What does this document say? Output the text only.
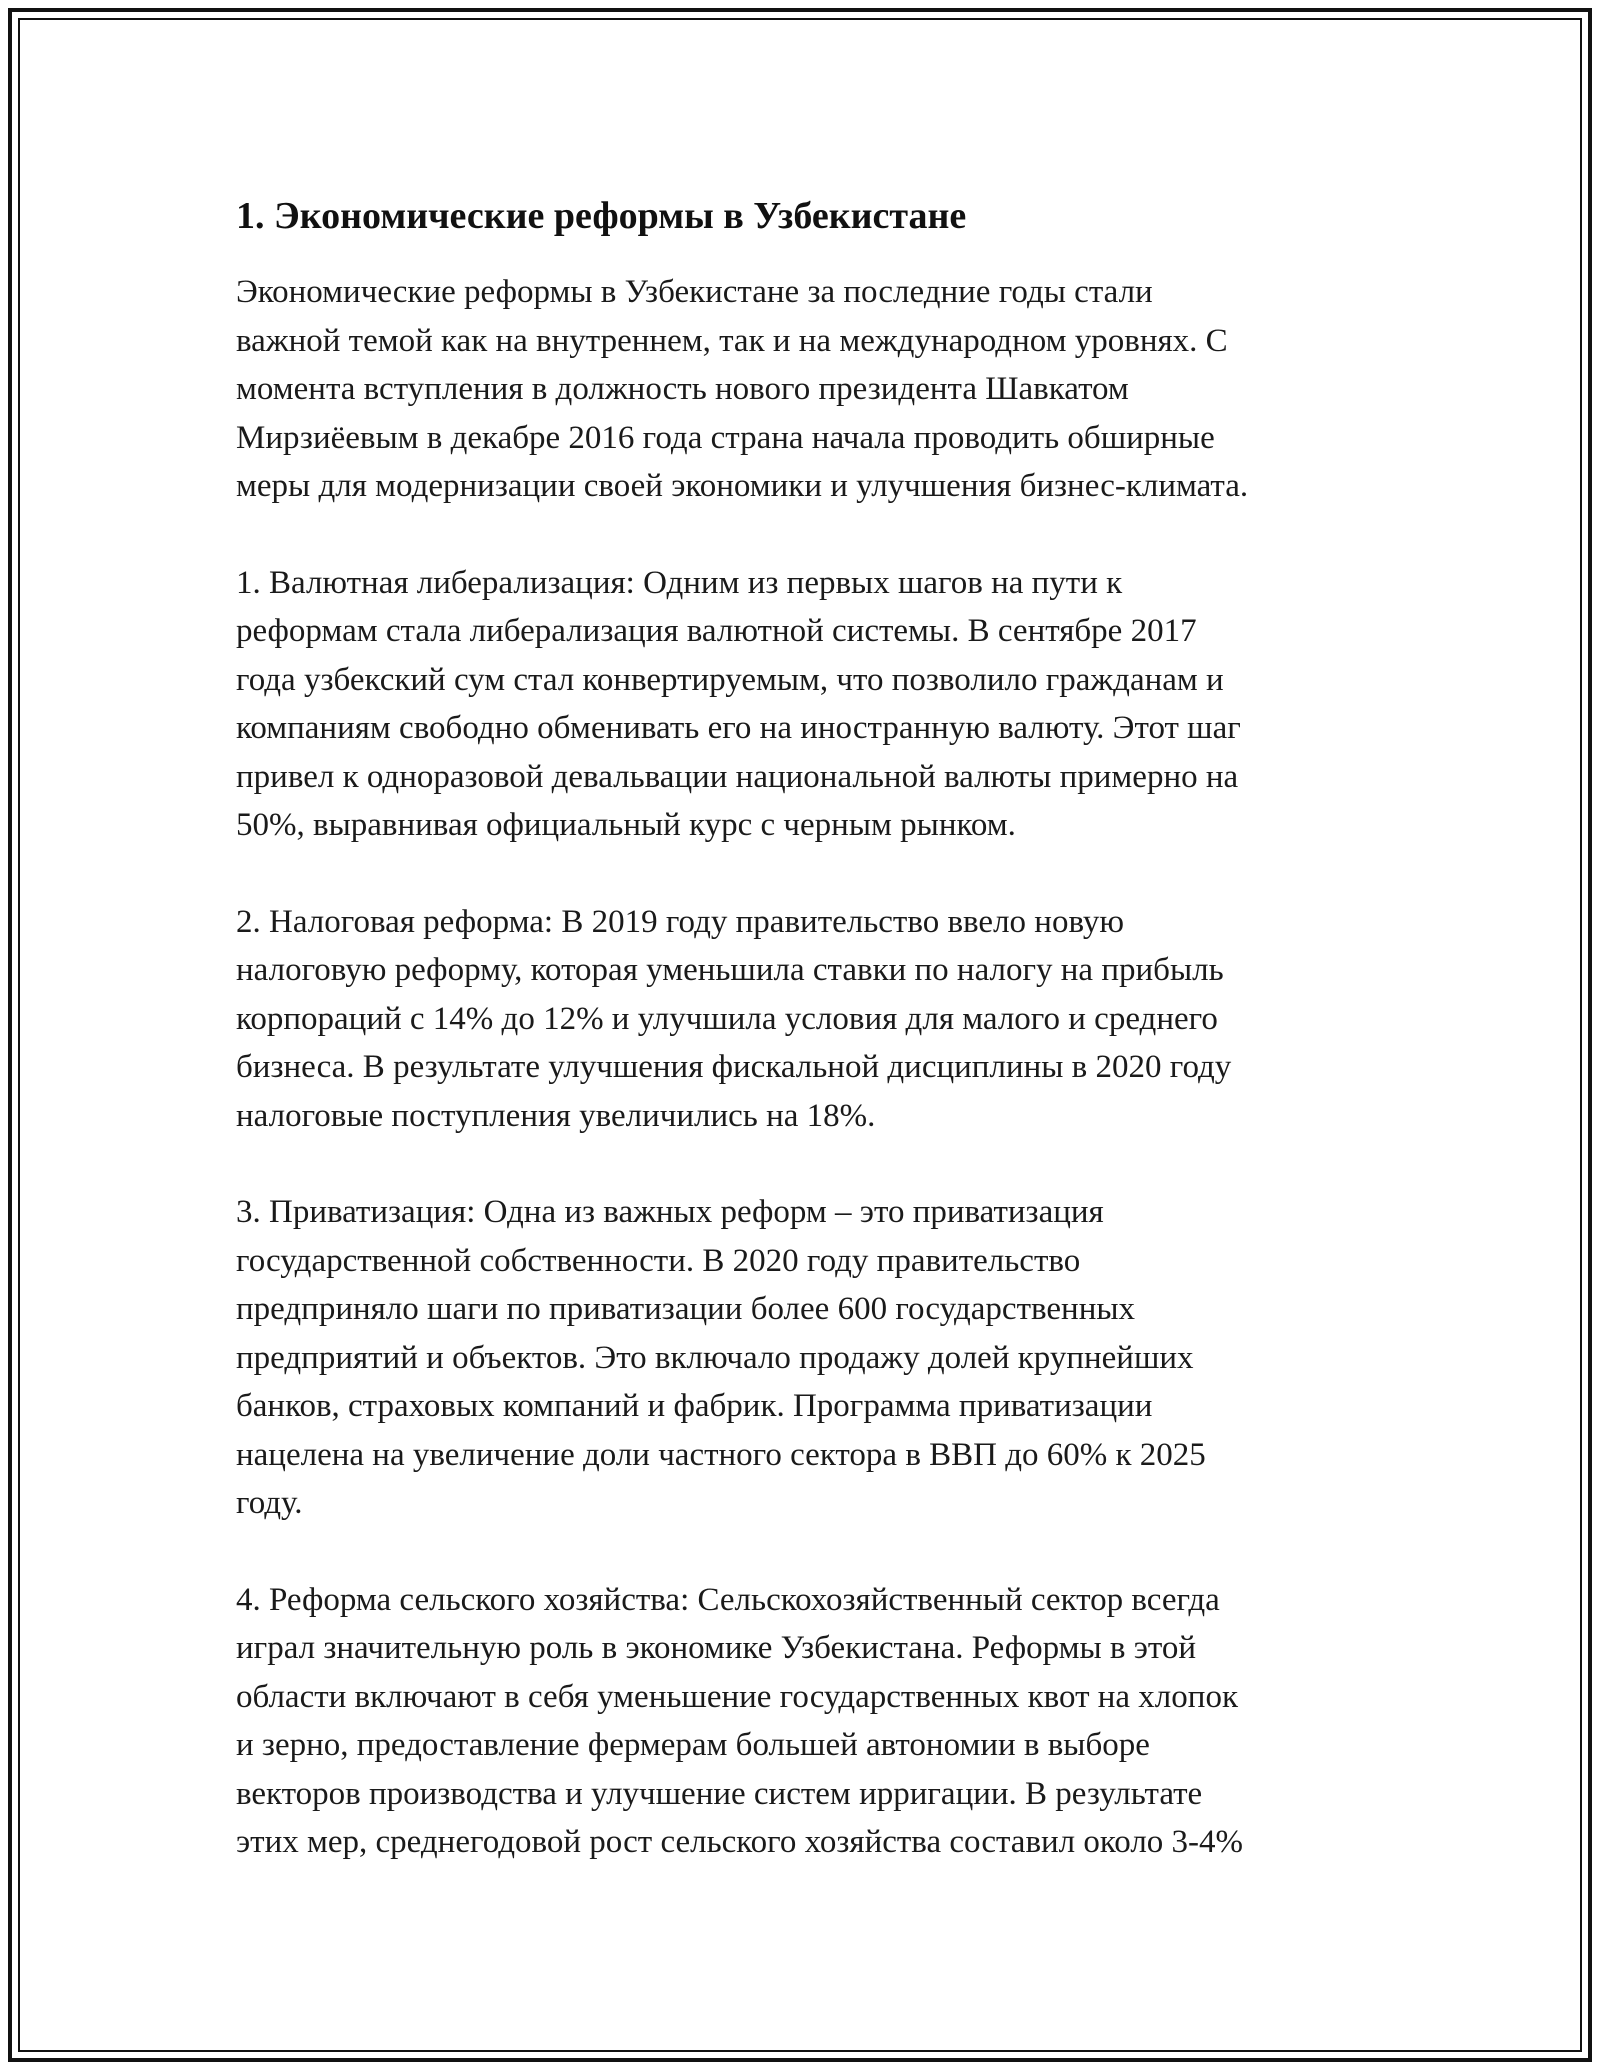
1. Экономические реформы в Узбекистане

Экономические реформы в Узбекистане за последние годы стали
важной темой как на внутреннем, так и на международном уровнях. С
момента вступления в должность нового президента Шавкатом
Мирзиёевым в декабре 2016 года страна начала проводить обширные
меры для модернизации своей экономики и улучшения бизнес-климата.

1. Валютная либерализация: Одним из первых шагов на пути к
реформам стала либерализация валютной системы. В сентябре 2017
года узбекский сум стал конвертируемым, что позволило гражданам и
компаниям свободно обменивать его на иностранную валюту. Этот шаг
привел к одноразовой девальвации национальной валюты примерно на
50%, выравнивая официальный курс с черным рынком.

2. Налоговая реформа: В 2019 году правительство ввело новую
налоговую реформу, которая уменьшила ставки по налогу на прибыль
корпораций с 14% до 12% и улучшила условия для малого и среднего
бизнеса. В результате улучшения фискальной дисциплины в 2020 году
налоговые поступления увеличились на 18%.

3. Приватизация: Одна из важных реформ – это приватизация
государственной собственности. В 2020 году правительство
предприняло шаги по приватизации более 600 государственных
предприятий и объектов. Это включало продажу долей крупнейших
банков, страховых компаний и фабрик. Программа приватизации
нацелена на увеличение доли частного сектора в ВВП до 60% к 2025
году.

4. Реформа сельского хозяйства: Сельскохозяйственный сектор всегда
играл значительную роль в экономике Узбекистана. Реформы в этой
области включают в себя уменьшение государственных квот на хлопок
и зерно, предоставление фермерам большей автономии в выборе
векторов производства и улучшение систем ирригации. В результате
этих мер, среднегодовой рост сельского хозяйства составил около 3-4%
